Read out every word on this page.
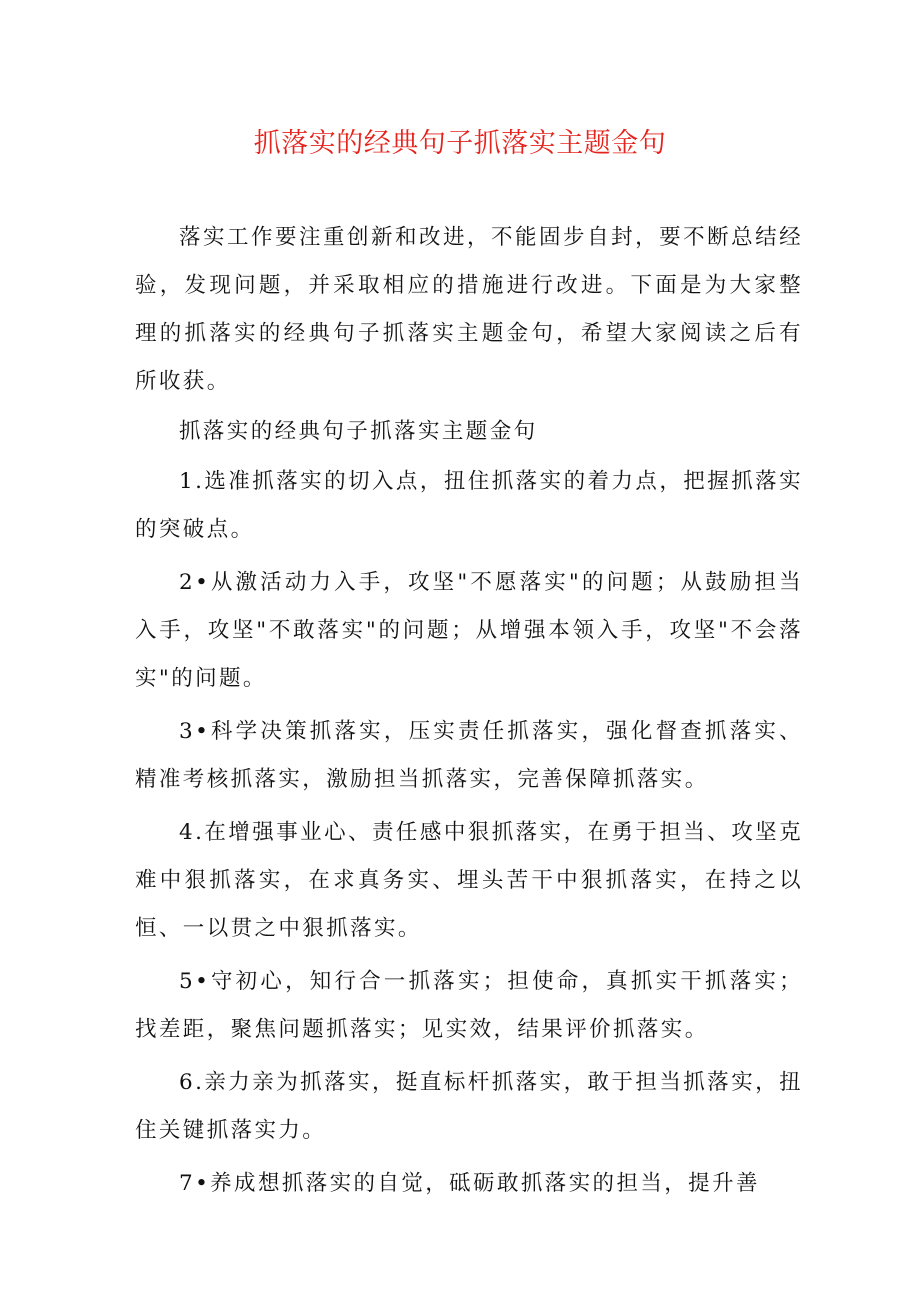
抓落实的经典句子抓落实主题金句

落实工作要注重创新和改进，不能固步自封，要不断总结经验，发现问题，并采取相应的措施进行改进。下面是为大家整理的抓落实的经典句子抓落实主题金句，希望大家阅读之后有所收获。

抓落实的经典句子抓落实主题金句

1.选准抓落实的切入点，扭住抓落实的着力点，把握抓落实的突破点。

2•从激活动力入手，攻坚"不愿落实"的问题；从鼓励担当入手，攻坚"不敢落实"的问题；从增强本领入手，攻坚"不会落实"的问题。

3•科学决策抓落实，压实责任抓落实，强化督查抓落实、精准考核抓落实，激励担当抓落实，完善保障抓落实。

4.在增强事业心、责任感中狠抓落实，在勇于担当、攻坚克难中狠抓落实，在求真务实、埋头苦干中狠抓落实，在持之以恒、一以贯之中狠抓落实。

5•守初心，知行合一抓落实；担使命，真抓实干抓落实；找差距，聚焦问题抓落实；见实效，结果评价抓落实。

6.亲力亲为抓落实，挺直标杆抓落实，敢于担当抓落实，扭住关键抓落实力。

7•养成想抓落实的自觉，砥砺敢抓落实的担当，提升善
